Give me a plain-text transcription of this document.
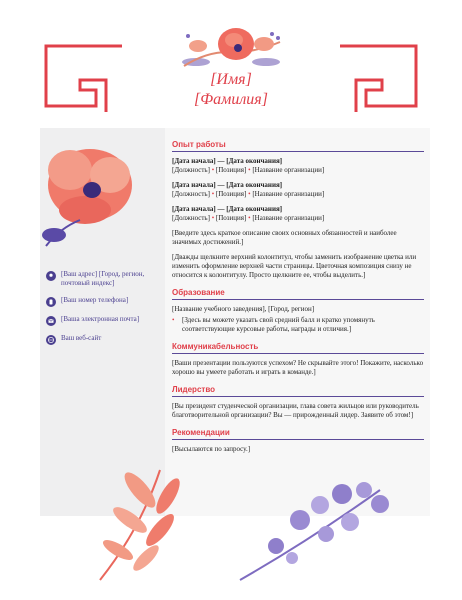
[Имя]
[Фамилия]
[Ваш адрес] [Город, регион, почтовый индекс]
[Ваш номер телефона]
[Ваша электронная почта]
Ваш веб-сайт
Опыт работы
[Дата начала] — [Дата окончания]
[Должность] • [Позиция] • [Название организации]
[Дата начала] — [Дата окончания]
[Должность] • [Позиция] • [Название организации]
[Дата начала] — [Дата окончания]
[Должность] • [Позиция] • [Название организации]
[Введите здесь краткое описание своих основных обязанностей и наиболее значимых достижений.]
[Дважды щелкните верхний колонтитул, чтобы заменить изображение цветка или изменить оформление верхней части страницы. Цветочная композиция снизу не относится к колонтитулу. Просто щелкните ее, чтобы выделить.]
Образование
[Название учебного заведения], [Город, регион]
•	[Здесь вы можете указать свой средний балл и кратко упомянуть соответствующие курсовые работы, награды и отличия.]
Коммуникабельность
[Ваши презентации пользуются успехом? Не скрывайте этого! Покажите, насколько хорошо вы умеете работать и играть в команде.]
Лидерство
[Вы президент студенческой организации, глава совета жильцов или руководитель благотворительной организации? Вы — прирожденный лидер. Заявите об этом!]
Рекомендации
[Высылаются по запросу.]
